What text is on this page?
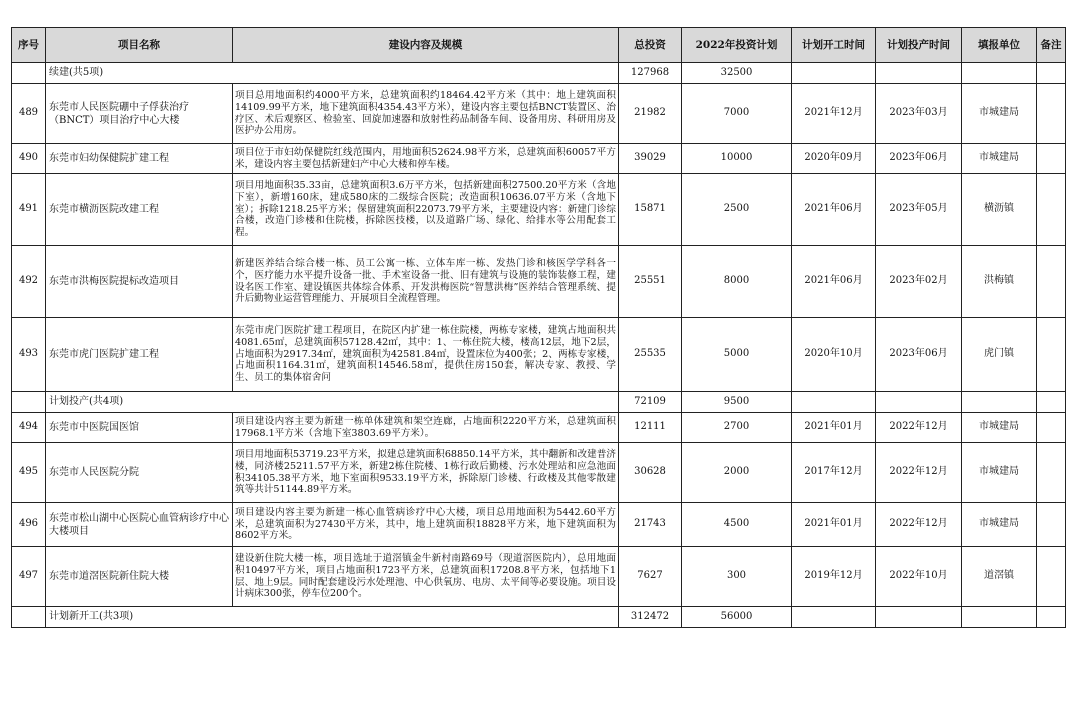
序号	项目名称	建设内容及规模	总投资	2022年投资计划	计划开工时间	计划投产时间	填报单位	备注
	续建(共5项)		127968	32500				
489	东莞市人民医院硼中子俘获治疗（BNCT）项目治疗中心大楼	项目总用地面积约4000平方米，总建筑面积约18464.42平方米（其中：地上建筑面积14109.99平方米，地下建筑面积4354.43平方米），建设内容主要包括BNCT装置区、治疗区、术后观察区、检验室、回旋加速器和放射性药品制备车间、设备用房、科研用房及医护办公用房。	21982	7000	2021年12月	2023年03月	市城建局	
490	东莞市妇幼保健院扩建工程	项目位于市妇幼保健院红线范围内，用地面积52624.98平方米，总建筑面积60057平方米，建设内容主要包括新建妇产中心大楼和停车楼。	39029	10000	2020年09月	2023年06月	市城建局	
491	东莞市横沥医院改建工程	项目用地面积35.33亩，总建筑面积3.6万平方米，包括新建面积27500.20平方米（含地下室），新增160床，建成580床的二级综合医院；改造面积10636.07平方米（含地下室）；拆除1218.25平方米；保留建筑面积22073.79平方米，主要建设内容：新建门诊综合楼，改造门诊楼和住院楼，拆除医技楼，以及道路广场、绿化、给排水等公用配套工程。	15871	2500	2021年06月	2023年05月	横沥镇	
492	东莞市洪梅医院提标改造项目	新建医养结合综合楼一栋、员工公寓一栋、立体车库一栋、发热门诊和核医学学科各一个，医疗能力水平提升设备一批、手术室设备一批、旧有建筑与设施的装饰装修工程，建设名医工作室、建设镇医共体综合体系、开发洪梅医院“智慧洪梅”医养结合管理系统、提升后勤物业运营管理能力、开展项目全流程管理。	25551	8000	2021年06月	2023年02月	洪梅镇	
493	东莞市虎门医院扩建工程	东莞市虎门医院扩建工程项目，在院区内扩建一栋住院楼，两栋专家楼，建筑占地面积共4081.65㎡，总建筑面积57128.42㎡，其中：1、一栋住院大楼，楼高12层，地下2层，占地面积为2917.34㎡，建筑面积为42581.84㎡，设置床位为400张；2、两栋专家楼，占地面积1164.31㎡，建筑面积14546.58㎡，提供住房150套，解决专家、教授、学生、员工的集体宿舍问	25535	5000	2020年10月	2023年06月	虎门镇	
	计划投产(共4项)		72109	9500				
494	东莞市中医院国医馆	项目建设内容主要为新建一栋单体建筑和架空连廊，占地面积2220平方米，总建筑面积17968.1平方米（含地下室3803.69平方米）。	12111	2700	2021年01月	2022年12月	市城建局	
495	东莞市人民医院分院	项目用地面积53719.23平方米，拟建总建筑面积68850.14平方米，其中翻新和改建普济楼，同济楼25211.57平方米，新建2栋住院楼、1栋行政后勤楼、污水处理站和应急池面积34105.38平方米，地下室面积9533.19平方米，拆除原门诊楼、行政楼及其他零散建筑等共计51144.89平方米。	30628	2000	2017年12月	2022年12月	市城建局	
496	东莞市松山湖中心医院心血管病诊疗中心大楼项目	项目建设内容主要为新建一栋心血管病诊疗中心大楼，项目总用地面积为5442.60平方米，总建筑面积为27430平方米，其中，地上建筑面积18828平方米，地下建筑面积为8602平方米。	21743	4500	2021年01月	2022年12月	市城建局	
497	东莞市道滘医院新住院大楼	建设新住院大楼一栋，项目选址于道滘镇金牛新村南路69号（现道滘医院内），总用地面积10497平方米，项目占地面积1723平方米，总建筑面积17208.8平方米，包括地下1层、地上9层。同时配套建设污水处理池、中心供氧房、电房、太平间等必要设施。项目设计病床300张，停车位200个。	7627	300	2019年12月	2022年10月	道滘镇	
	计划新开工(共3项)		312472	56000				
